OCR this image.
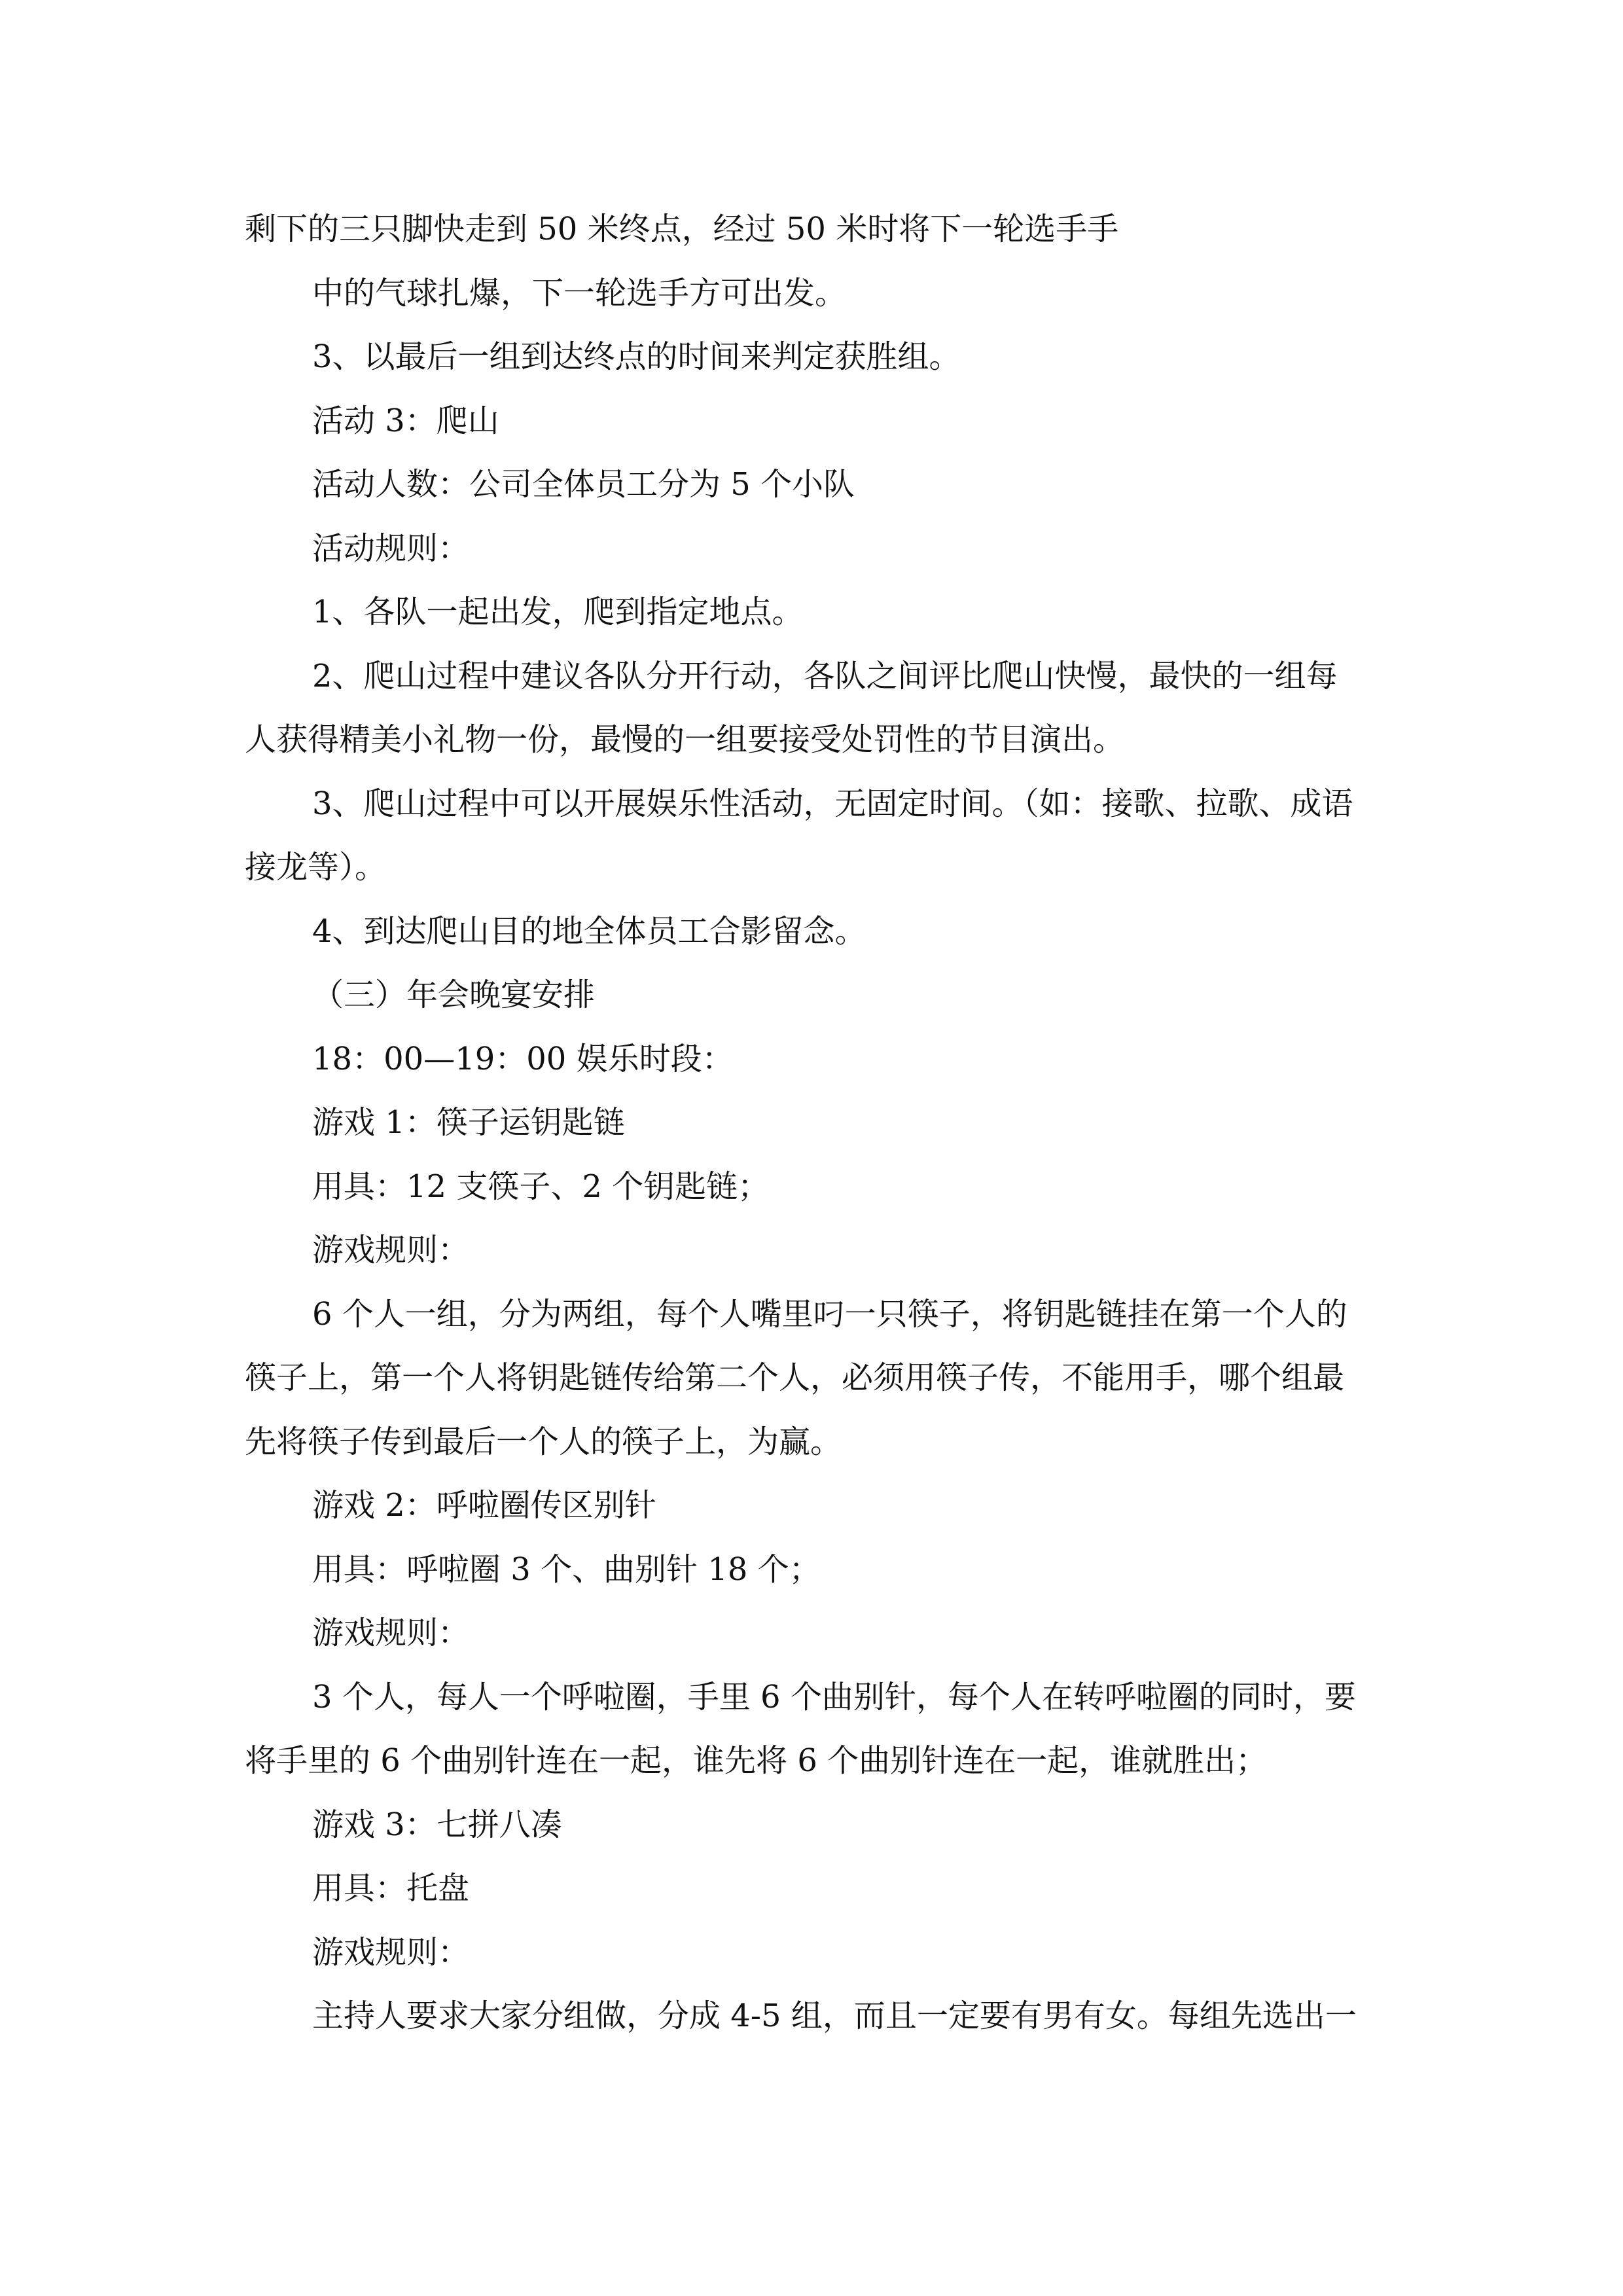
剩下的三只脚快走到 50 米终点，经过 50 米时将下一轮选手手

中的气球扎爆，下一轮选手方可出发。

3、以最后一组到达终点的时间来判定获胜组。

活动 3：爬山

活动人数：公司全体员工分为 5 个小队

活动规则：

1、各队一起出发，爬到指定地点。

2、爬山过程中建议各队分开行动，各队之间评比爬山快慢，最快的一组每

人获得精美小礼物一份，最慢的一组要接受处罚性的节目演出。

3、爬山过程中可以开展娱乐性活动，无固定时间。（如：接歌、拉歌、成语

接龙等）。

4、到达爬山目的地全体员工合影留念。

（三）年会晚宴安排

18：00—19：00 娱乐时段：

游戏 1：筷子运钥匙链

用具：12 支筷子、2 个钥匙链；

游戏规则：

6 个人一组，分为两组，每个人嘴里叼一只筷子，将钥匙链挂在第一个人的

筷子上，第一个人将钥匙链传给第二个人，必须用筷子传，不能用手，哪个组最

先将筷子传到最后一个人的筷子上，为赢。

游戏 2：呼啦圈传区别针

用具：呼啦圈 3 个、曲别针 18 个；

游戏规则：

3 个人，每人一个呼啦圈，手里 6 个曲别针，每个人在转呼啦圈的同时，要

将手里的 6 个曲别针连在一起，谁先将 6 个曲别针连在一起，谁就胜出；

游戏 3：七拼八凑

用具：托盘

游戏规则：

主持人要求大家分组做，分成 4-5 组，而且一定要有男有女。每组先选出一
